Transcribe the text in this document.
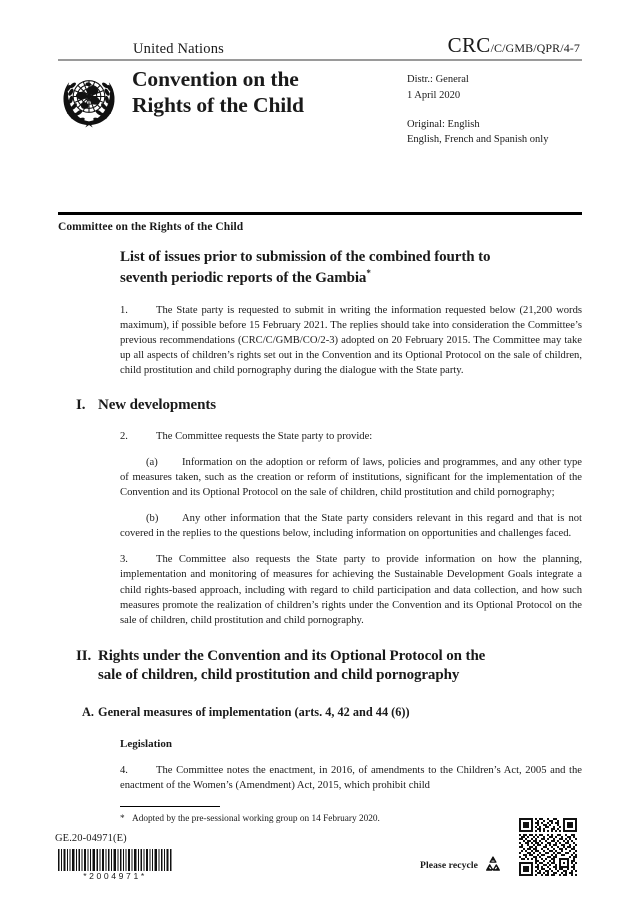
United Nations	CRC/C/GMB/QPR/4-7
Convention on the
Rights of the Child
Distr.: General
1 April 2020
Original: English
English, French and Spanish only
Committee on the Rights of the Child
List of issues prior to submission of the combined fourth to
seventh periodic reports of the Gambia*

1.	The State party is requested to submit in writing the information requested below (21,200 words maximum), if possible before 15 February 2021. The replies should take into consideration the Committee’s previous recommendations (CRC/C/GMB/CO/2-3) adopted on 20 February 2015. The Committee may take up all aspects of children’s rights set out in the Convention and its Optional Protocol on the sale of children, child prostitution and child pornography during the dialogue with the State party.

I. New developments

2.	The Committee requests the State party to provide:

(a) Information on the adoption or reform of laws, policies and programmes, and any other type of measures taken, such as the creation or reform of institutions, significant for the implementation of the Convention and its Optional Protocol on the sale of children, child prostitution and child pornography;

(b) Any other information that the State party considers relevant in this regard and that is not covered in the replies to the questions below, including information on opportunities and challenges faced.

3.	The Committee also requests the State party to provide information on how the planning, implementation and monitoring of measures for achieving the Sustainable Development Goals integrate a child rights-based approach, including with regard to child participation and data collection, and how such measures promote the realization of children’s rights under the Convention and its Optional Protocol on the sale of children, child prostitution and child pornography.

II. Rights under the Convention and its Optional Protocol on the
sale of children, child prostitution and child pornography
A. General measures of implementation (arts. 4, 42 and 44 (6))
Legislation

4.	The Committee notes the enactment, in 2016, of amendments to the Children’s Act, 2005 and the enactment of the Women’s (Amendment) Act, 2015, which prohibit child

* Adopted by the pre-sessional working group on 14 February 2020.
GE.20-04971(E)
*2004971*
Please recycle
